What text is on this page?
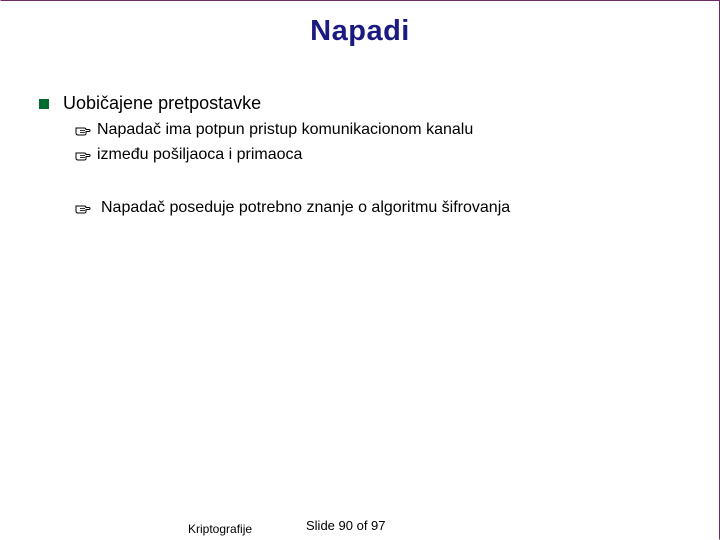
Napadi
Uobičajene pretpostavke
Napadač ima potpun pristup komunikacionom kanalu
između pošiljaoca i primaoca
Napadač poseduje potrebno znanje o algoritmu šifrovanja
Kriptografije	Slide 90 of 97
